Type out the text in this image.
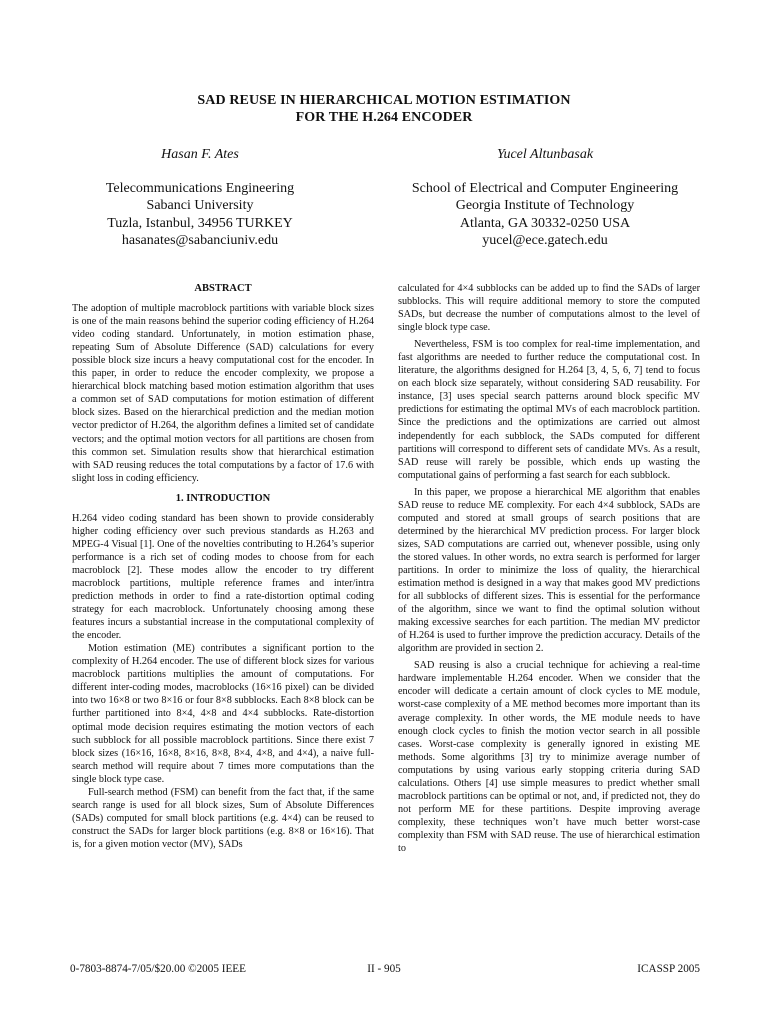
SAD REUSE IN HIERARCHICAL MOTION ESTIMATION
FOR THE H.264 ENCODER
Hasan F. Ates
Telecommunications Engineering
Sabanci University
Tuzla, Istanbul, 34956 TURKEY
hasanates@sabanciuniv.edu
Yucel Altunbasak
School of Electrical and Computer Engineering
Georgia Institute of Technology
Atlanta, GA 30332-0250 USA
yucel@ece.gatech.edu
ABSTRACT

The adoption of multiple macroblock partitions with variable block sizes is one of the main reasons behind the superior coding efficiency of H.264 video coding standard. Unfortunately, in motion estimation phase, repeating Sum of Absolute Difference (SAD) calculations for every possible block size incurs a heavy computational cost for the encoder. In this paper, in order to reduce the encoder complexity, we propose a hierarchical block matching based motion estimation algorithm that uses a common set of SAD computations for motion estimation of different block sizes. Based on the hierarchical prediction and the median motion vector predictor of H.264, the algorithm defines a limited set of candidate vectors; and the optimal motion vectors for all partitions are chosen from this common set. Simulation results show that hierarchical estimation with SAD reusing reduces the total computations by a factor of 17.6 with slight loss in coding efficiency.

1. INTRODUCTION

H.264 video coding standard has been shown to provide considerably higher coding efficiency over such previous standards as H.263 and MPEG-4 Visual [1]. One of the novelties contributing to H.264’s superior performance is a rich set of coding modes to choose from for each macroblock [2]. These modes allow the encoder to try different macroblock partitions, multiple reference frames and inter/intra prediction methods in order to find a rate-distortion optimal coding strategy for each macroblock. Unfortunately choosing among these features incurs a substantial increase in the computational complexity of the encoder.

Motion estimation (ME) contributes a significant portion to the complexity of H.264 encoder. The use of different block sizes for various macroblock partitions multiplies the amount of computations. For different inter-coding modes, macroblocks (16×16 pixel) can be divided into two 16×8 or two 8×16 or four 8×8 subblocks. Each 8×8 block can be further partitioned into 8×4, 4×8 and 4×4 subblocks. Rate-distortion optimal mode decision requires estimating the motion vectors of each such subblock for all possible macroblock partitions. Since there exist 7 block sizes (16×16, 16×8, 8×16, 8×8, 8×4, 4×8, and 4×4), a naive full-search method will require about 7 times more computations than the single block type case.

Full-search method (FSM) can benefit from the fact that, if the same search range is used for all block sizes, Sum of Absolute Differences (SADs) computed for small block partitions (e.g. 4×4) can be reused to construct the SADs for larger block partitions (e.g. 8×8 or 16×16). That is, for a given motion vector (MV), SADs

calculated for 4×4 subblocks can be added up to find the SADs of larger subblocks. This will require additional memory to store the computed SADs, but decrease the number of computations almost to the level of single block type case.

Nevertheless, FSM is too complex for real-time implementation, and fast algorithms are needed to further reduce the computational cost. In literature, the algorithms designed for H.264 [3, 4, 5, 6, 7] tend to focus on each block size separately, without considering SAD reusability. For instance, [3] uses special search patterns around block specific MV predictions for estimating the optimal MVs of each macroblock partition. Since the predictions and the optimizations are carried out almost independently for each subblock, the SADs computed for different partitions will correspond to different sets of candidate MVs. As a result, SAD reuse will rarely be possible, which ends up wasting the computational gains of performing a fast search for each subblock.

In this paper, we propose a hierarchical ME algorithm that enables SAD reuse to reduce ME complexity. For each 4×4 subblock, SADs are computed and stored at small groups of search positions that are determined by the hierarchical MV prediction process. For larger block sizes, SAD computations are carried out, whenever possible, using only the stored values. In other words, no extra search is performed for larger partitions. In order to minimize the loss of quality, the hierarchical estimation method is designed in a way that makes good MV predictions for all subblocks of different sizes. This is essential for the performance of the algorithm, since we want to find the optimal solution without making excessive searches for each partition. The median MV predictor of H.264 is used to further improve the prediction accuracy. Details of the algorithm are provided in section 2.

SAD reusing is also a crucial technique for achieving a real-time hardware implementable H.264 encoder. When we consider that the encoder will dedicate a certain amount of clock cycles to ME module, worst-case complexity of a ME method becomes more important than its average complexity. In other words, the ME module needs to have enough clock cycles to finish the motion vector search in all possible cases. Worst-case complexity is generally ignored in existing ME methods. Some algorithms [3] try to minimize average number of computations by using various early stopping criteria during SAD calculations. Others [4] use simple measures to predict whether small macroblock partitions can be optimal or not, and, if predicted not, they do not perform ME for these partitions. Despite improving average complexity, these techniques won’t have much better worst-case complexity than FSM with SAD reuse. The use of hierarchical estimation to

0-7803-8874-7/05/$20.00 ©2005 IEEE	II - 905	ICASSP 2005
